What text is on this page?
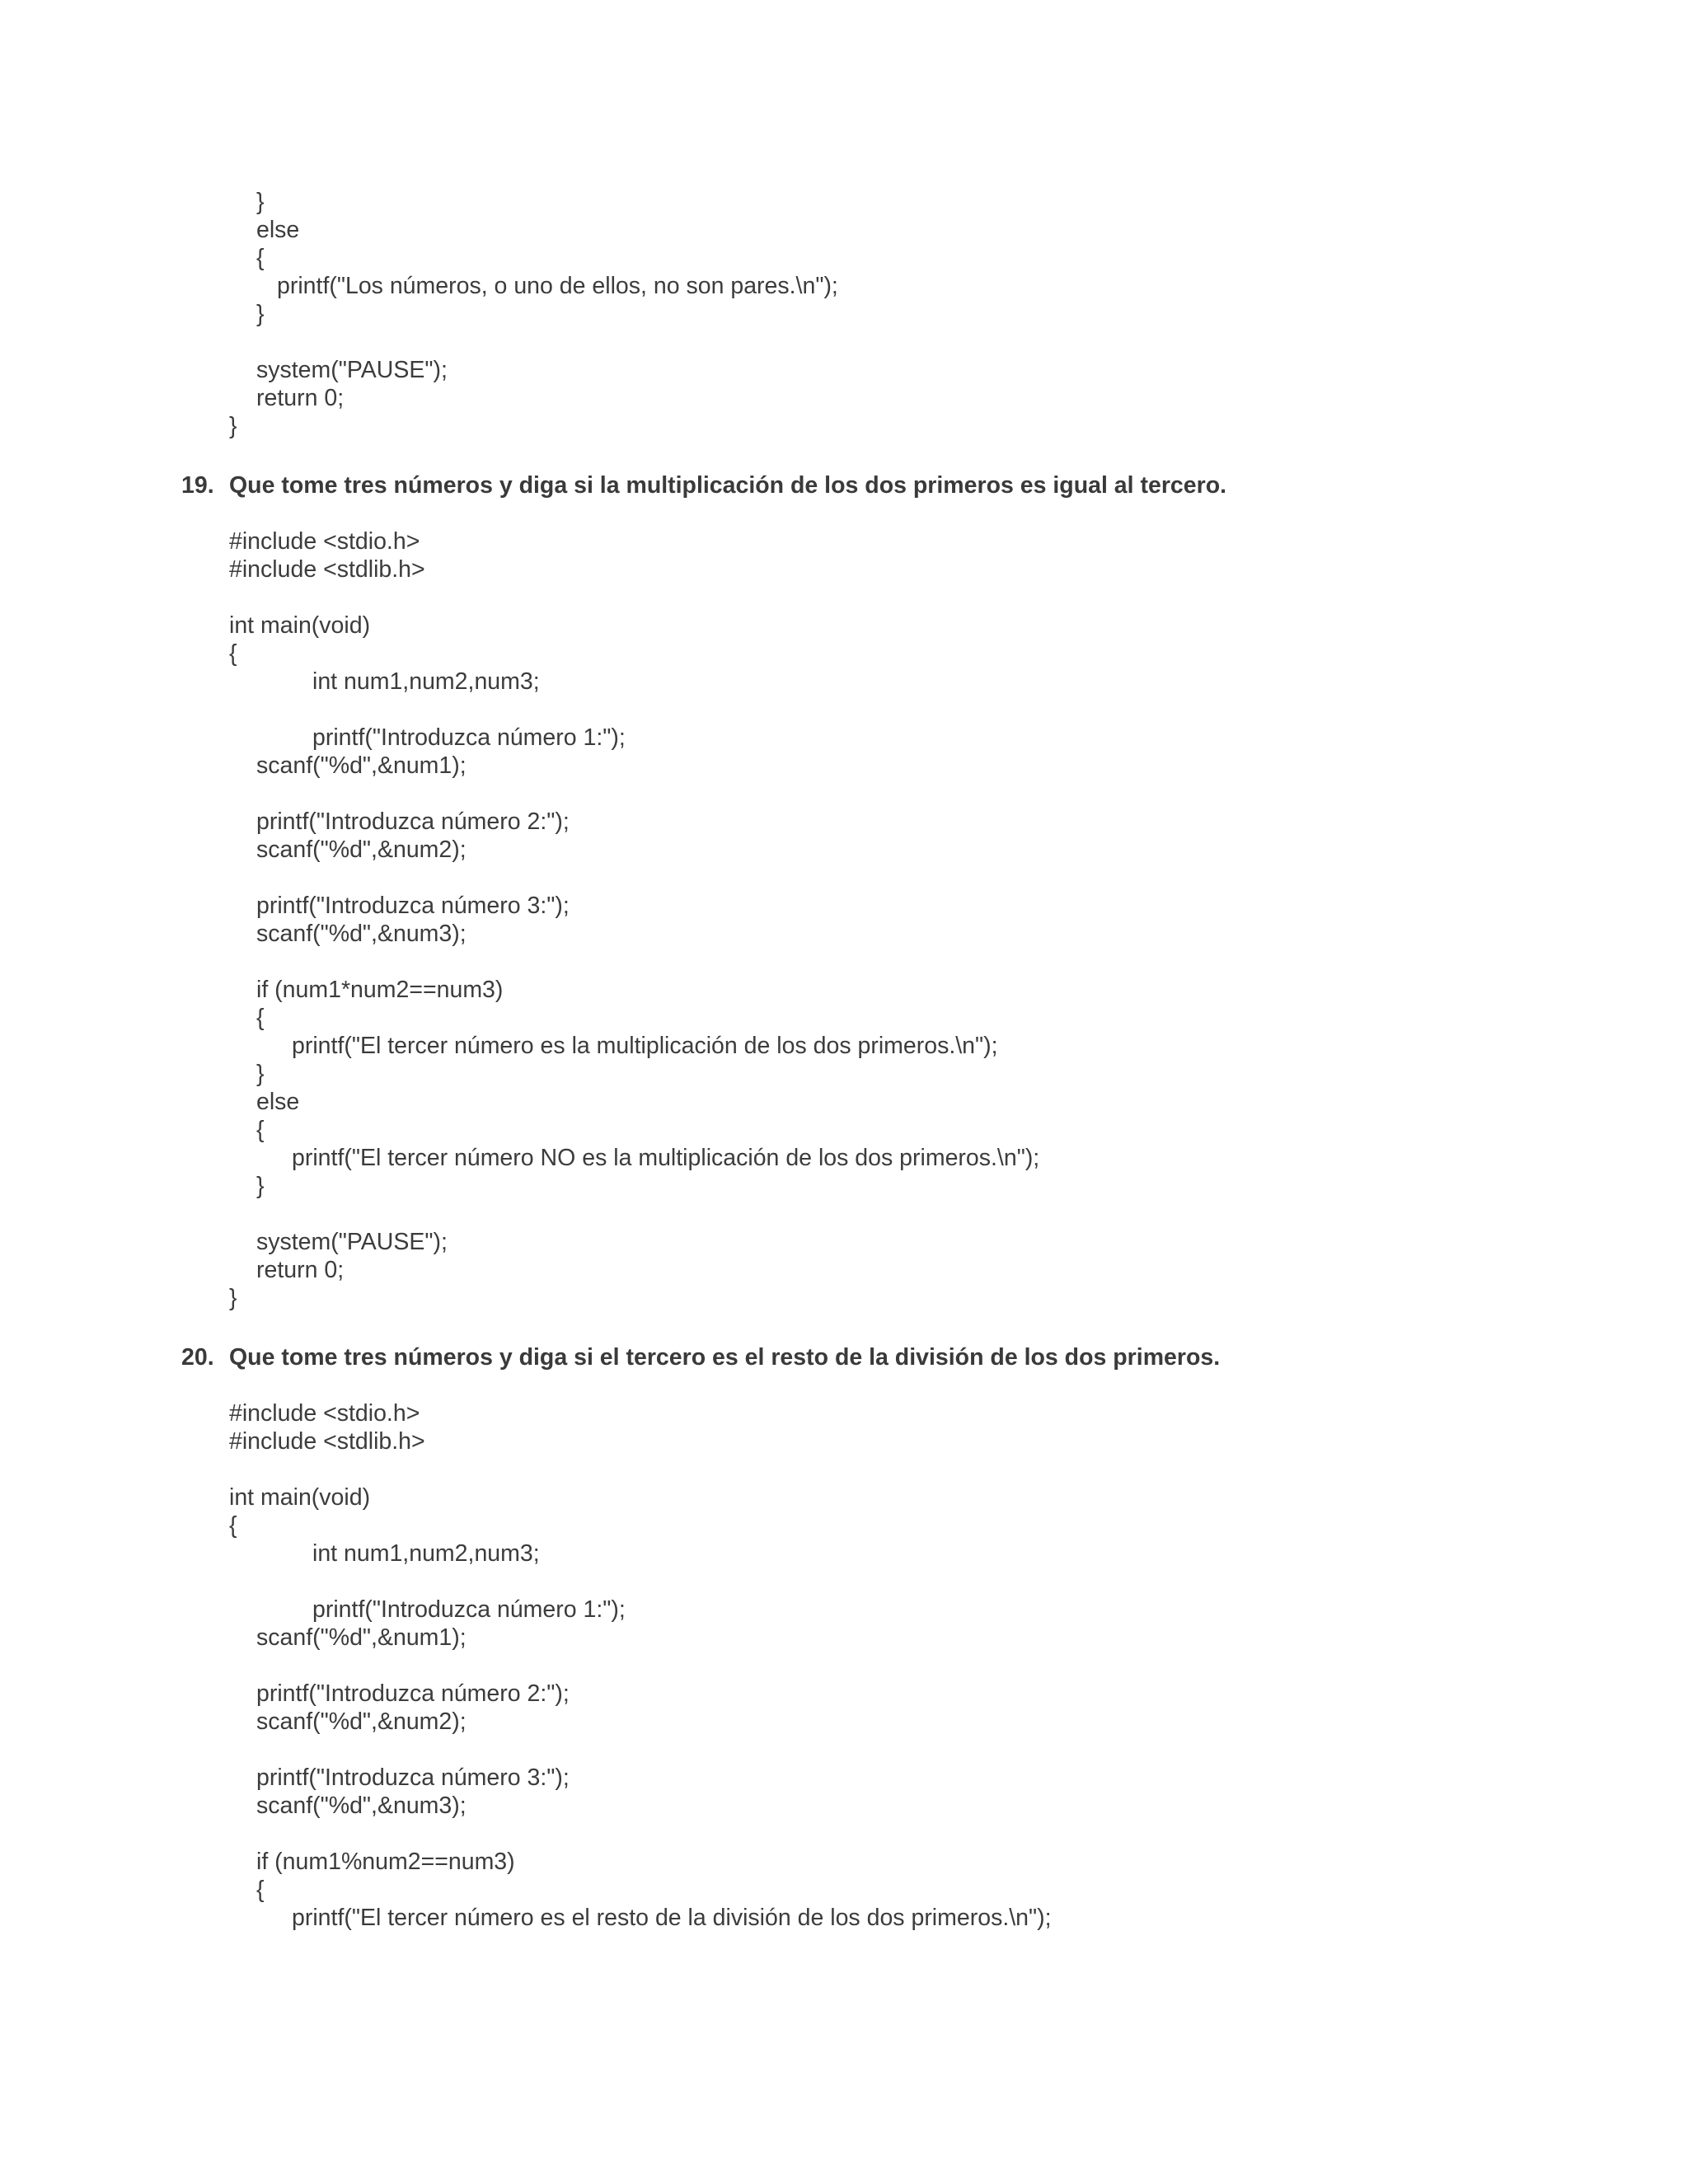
}
else
{
printf("Los números, o uno de ellos, no son pares.\n");
}
system("PAUSE");
return 0;
}
19. Que tome tres números y diga si la multiplicación de los dos primeros es igual al tercero.
#include <stdio.h>
#include <stdlib.h>
int main(void)
{
int num1,num2,num3;
printf("Introduzca número 1:");
scanf("%d",&num1);
printf("Introduzca número 2:");
scanf("%d",&num2);
printf("Introduzca número 3:");
scanf("%d",&num3);
if (num1*num2==num3)
{
printf("El tercer número es la multiplicación de los dos primeros.\n");
}
else
{
printf("El tercer número NO es la multiplicación de los dos primeros.\n");
}
system("PAUSE");
return 0;
}
20. Que tome tres números y diga si el tercero es el resto de la división de los dos primeros.
#include <stdio.h>
#include <stdlib.h>
int main(void)
{
int num1,num2,num3;
printf("Introduzca número 1:");
scanf("%d",&num1);
printf("Introduzca número 2:");
scanf("%d",&num2);
printf("Introduzca número 3:");
scanf("%d",&num3);
if (num1%num2==num3)
{
printf("El tercer número es el resto de la división de los dos primeros.\n");
